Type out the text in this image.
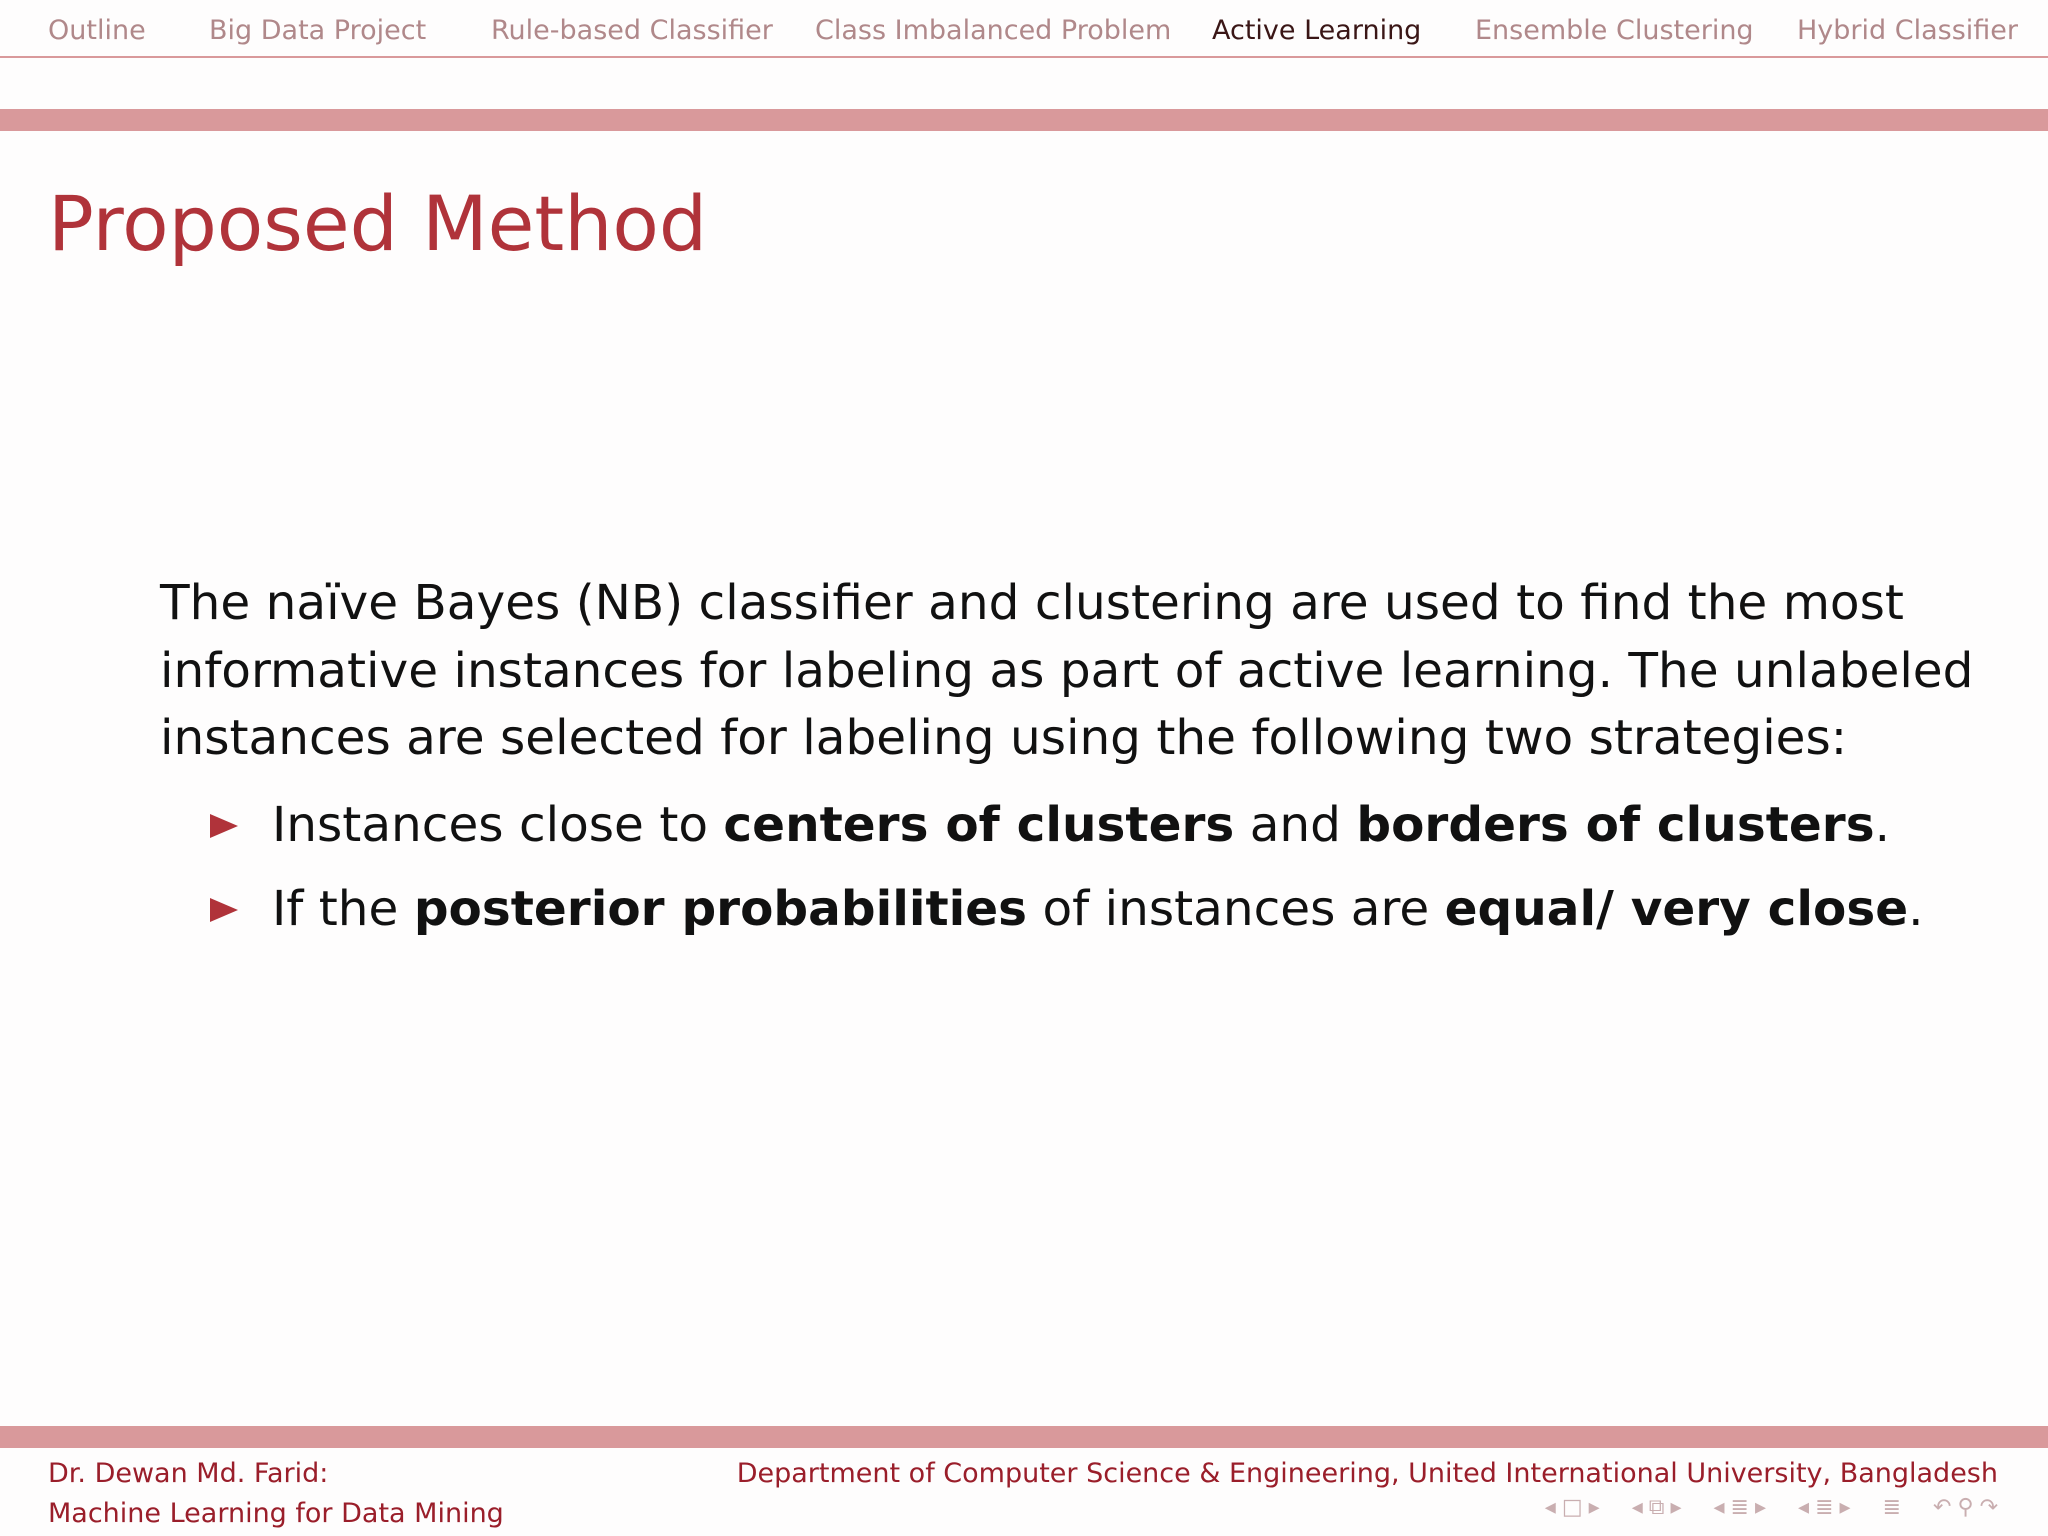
Outline Big Data Project Rule-based Classifier Class Imbalanced Problem Active Learning Ensemble Clustering Hybrid Classifier
Proposed Method

The naïve Bayes (NB) classifier and clustering are used to find the most

informative instances for labeling as part of active learning. The unlabeled

instances are selected for labeling using the following two strategies:

Instances close to centers of clusters and borders of clusters.
If the posterior probabilities of instances are equal/ very close.
Dr. Dewan Md. Farid:
Machine Learning for Data Mining
Department of Computer Science & Engineering, United International University, Bangladesh
◂ □ ▸ ◂ ⧉ ▸ ◂ ≣ ▸ ◂ ≣ ▸ ≣ ↶ ⚲ ↷
